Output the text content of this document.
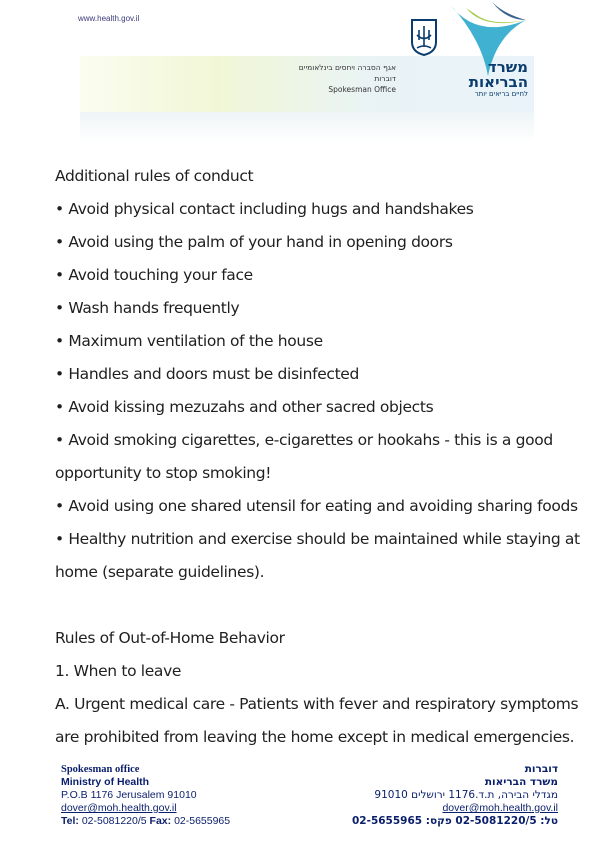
www.health.gov.il
משרד
הבריאות
לחיים בריאים יותר
אגף הסברה ויחסים בינלאומיים
דוברות
Spokesman Office
Additional rules of conduct
• Avoid physical contact including hugs and handshakes
• Avoid using the palm of your hand in opening doors
• Avoid touching your face
• Wash hands frequently
• Maximum ventilation of the house
• Handles and doors must be disinfected
• Avoid kissing mezuzahs and other sacred objects
• Avoid smoking cigarettes, e-cigarettes or hookahs - this is a good
opportunity to stop smoking!
• Avoid using one shared utensil for eating and avoiding sharing foods
• Healthy nutrition and exercise should be maintained while staying at
home (separate guidelines).
Rules of Out-of-Home Behavior
1. When to leave
A. Urgent medical care - Patients with fever and respiratory symptoms
are prohibited from leaving the home except in medical emergencies.
Spokesman office
Ministry of Health
P.O.B 1176 Jerusalem 91010
dover@moh.health.gov.il
Tel: 02-5081220/5 Fax: 02-5655965
דוברות
משרד הבריאות
מגדלי הבירה, ת.ד.1176 ירושלים 91010
dover@moh.health.gov.il
טל: 02-5081220/5 פקס: 02-5655965
